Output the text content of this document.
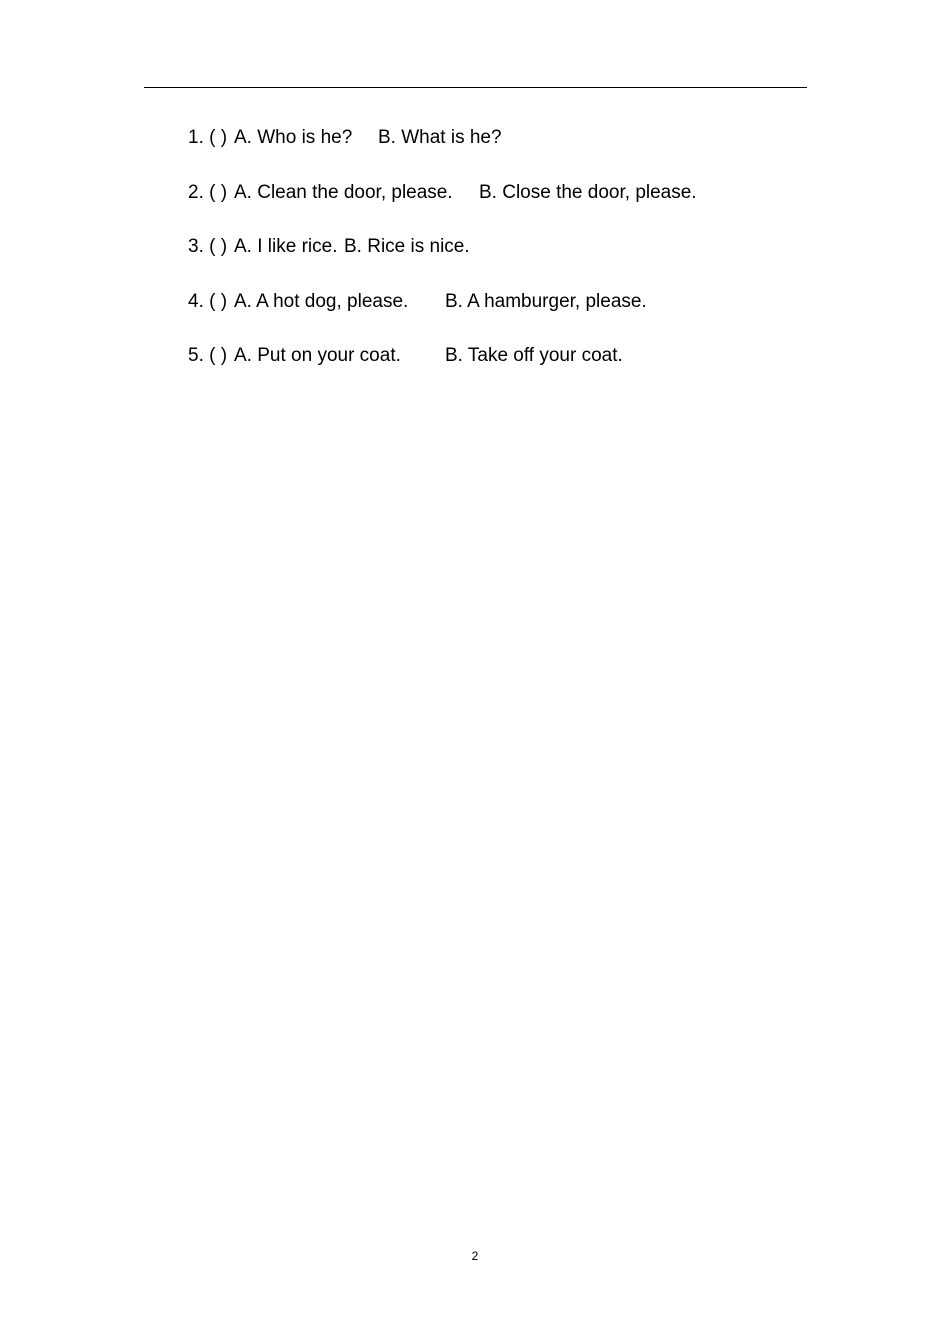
1. ( ) A. Who is he? B. What is he?
2. ( ) A. Clean the door, please. B. Close the door, please.
3. ( ) A. I like rice. B. Rice is nice.
4. ( ) A. A hot dog, please. B. A hamburger, please.
5. ( ) A. Put on your coat. B. Take off your coat.
2
